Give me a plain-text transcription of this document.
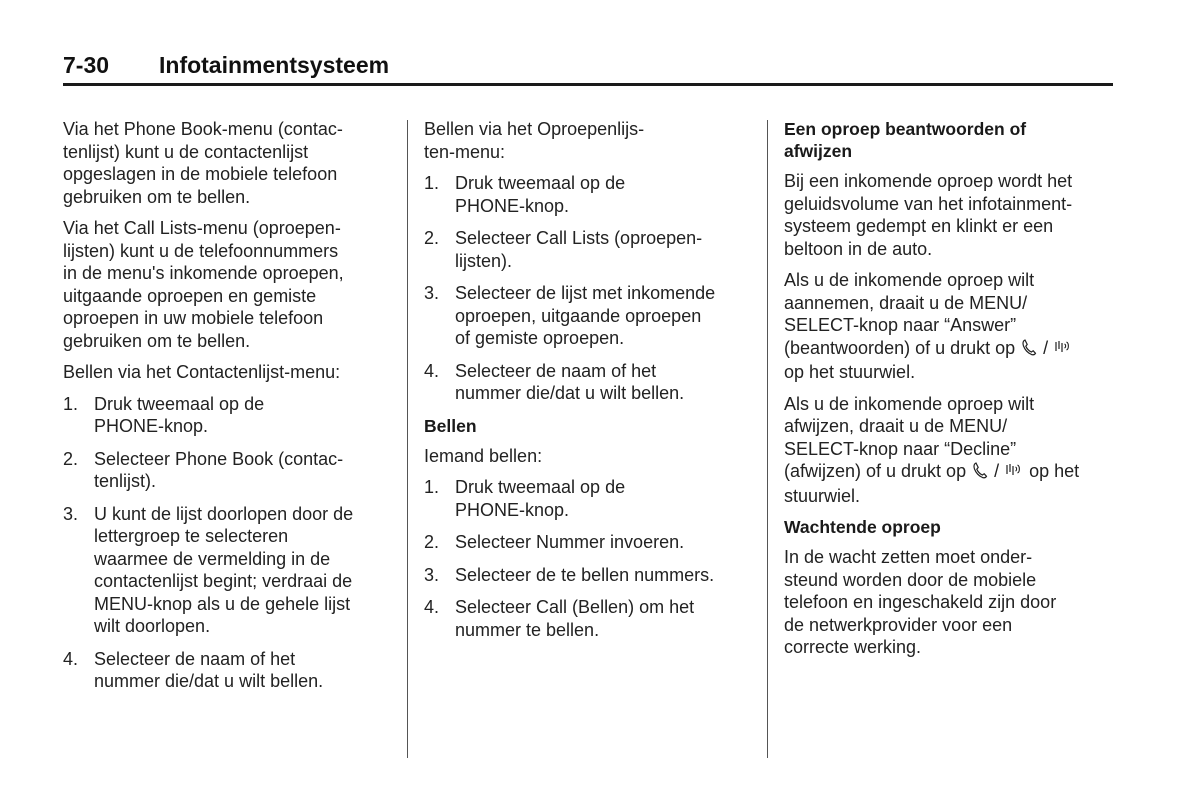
7-30 Infotainmentsysteem

Via het Phone Book-menu (contac-
tenlijst) kunt u de contactenlijst
opgeslagen in de mobiele telefoon
gebruiken om te bellen.

Via het Call Lists-menu (oproepen-
lijsten) kunt u de telefoonnummers
in de menu's inkomende oproepen,
uitgaande oproepen en gemiste
oproepen in uw mobiele telefoon
gebruiken om te bellen.

Bellen via het Contactenlijst-menu:

1. Druk tweemaal op de
PHONE-knop.
2. Selecteer Phone Book (contac-
tenlijst).
3. U kunt de lijst doorlopen door de
lettergroep te selecteren
waarmee de vermelding in de
contactenlijst begint; verdraai de
MENU-knop als u de gehele lijst
wilt doorlopen.
4. Selecteer de naam of het
nummer die/dat u wilt bellen.

Bellen via het Oproepenlijs-
ten-menu:

1. Druk tweemaal op de
PHONE-knop.
2. Selecteer Call Lists (oproepen-
lijsten).
3. Selecteer de lijst met inkomende
oproepen, uitgaande oproepen
of gemiste oproepen.
4. Selecteer de naam of het
nummer die/dat u wilt bellen.
Bellen

Iemand bellen:

1. Druk tweemaal op de
PHONE-knop.
2. Selecteer Nummer invoeren.
3. Selecteer de te bellen nummers.
4. Selecteer Call (Bellen) om het
nummer te bellen.
Een oproep beantwoorden of
afwijzen

Bij een inkomende oproep wordt het
geluidsvolume van het infotainment-
systeem gedempt en klinkt er een
beltoon in de auto.

Als u de inkomende oproep wilt
aannemen, draait u de MENU/
SELECT-knop naar “Answer”
(beantwoorden) of u drukt op  /
op het stuurwiel.

Als u de inkomende oproep wilt
afwijzen, draait u de MENU/
SELECT-knop naar “Decline”
(afwijzen) of u drukt op  /  op het
stuurwiel.

Wachtende oproep

In de wacht zetten moet onder-
steund worden door de mobiele
telefoon en ingeschakeld zijn door
de netwerkprovider voor een
correcte werking.
